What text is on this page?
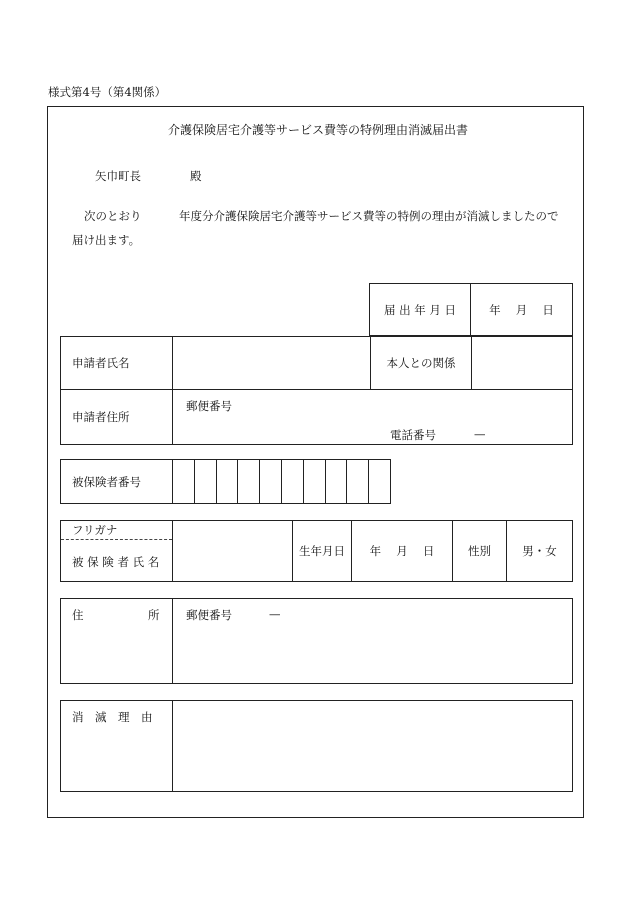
様式第4号（第4関係）
介護保険居宅介護等サービス費等の特例理由消滅届出書
矢巾町長	殿
次のとおり	年度分介護保険居宅介護等サービス費等の特例の理由が消滅しましたので
届け出ます。
届 出 年 月 日	年　 月　 日
申請者氏名		本人との関係	
申請者住所	郵便番号
電話番号 —		
被保険者番号										
フリガナ
被 保 険 者 氏 名
		生年月日	年　 月　 日	性別	男・女
住	所	郵便番号	—
消　滅　理　由
